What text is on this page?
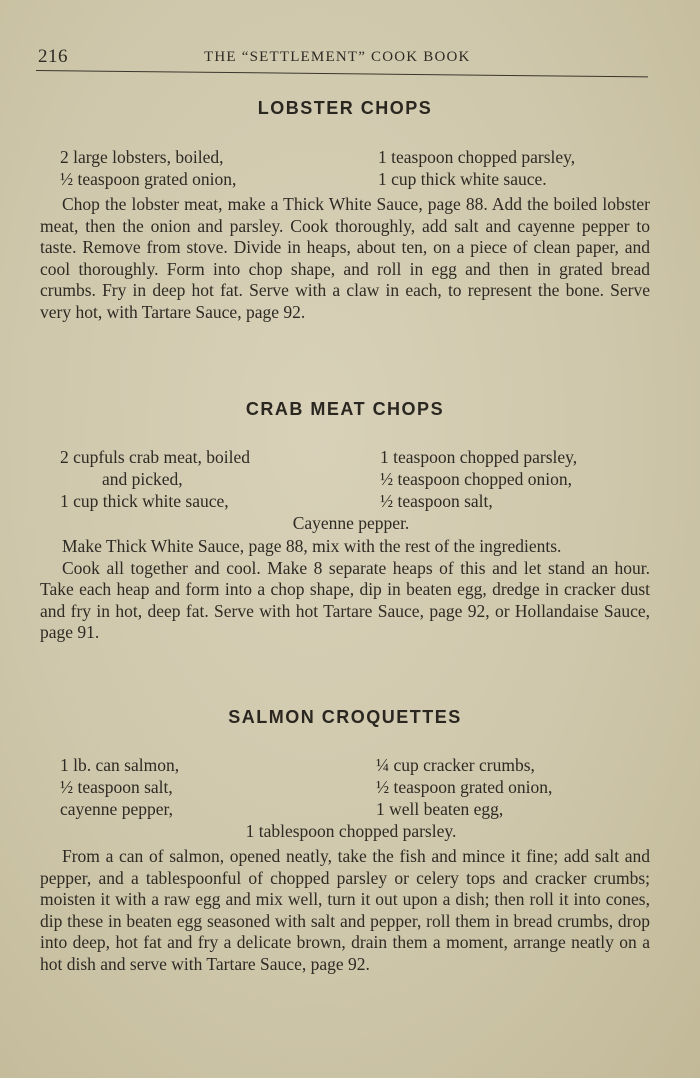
216	THE “SETTLEMENT” COOK BOOK
LOBSTER CHOPS
2 large lobsters, boiled,
½ teaspoon grated onion,
1 teaspoon chopped parsley,
1 cup thick white sauce.

Chop the lobster meat, make a Thick White Sauce, page 88. Add the boiled lobster meat, then the onion and parsley. Cook thoroughly, add salt and cayenne pepper to taste. Remove from stove. Divide in heaps, about ten, on a piece of clean paper, and cool thoroughly. Form into chop shape, and roll in egg and then in grated bread crumbs. Fry in deep hot fat. Serve with a claw in each, to represent the bone. Serve very hot, with Tartare Sauce, page 92.

CRAB MEAT CHOPS
2 cupfuls crab meat, boiled
and picked,
1 cup thick white sauce,
1 teaspoon chopped parsley,
½ teaspoon chopped onion,
½ teaspoon salt,
Cayenne pepper.

Make Thick White Sauce, page 88, mix with the rest of the ingredients.

Cook all together and cool. Make 8 separate heaps of this and let stand an hour. Take each heap and form into a chop shape, dip in beaten egg, dredge in cracker dust and fry in hot, deep fat. Serve with hot Tartare Sauce, page 92, or Hollandaise Sauce, page 91.

SALMON CROQUETTES
1 lb. can salmon,
½ teaspoon salt,
cayenne pepper,
¼ cup cracker crumbs,
½ teaspoon grated onion,
1 well beaten egg,
1 tablespoon chopped parsley.

From a can of salmon, opened neatly, take the fish and mince it fine; add salt and pepper, and a tablespoonful of chopped parsley or celery tops and cracker crumbs; moisten it with a raw egg and mix well, turn it out upon a dish; then roll it into cones, dip these in beaten egg seasoned with salt and pepper, roll them in bread crumbs, drop into deep, hot fat and fry a delicate brown, drain them a moment, arrange neatly on a hot dish and serve with Tartare Sauce, page 92.
